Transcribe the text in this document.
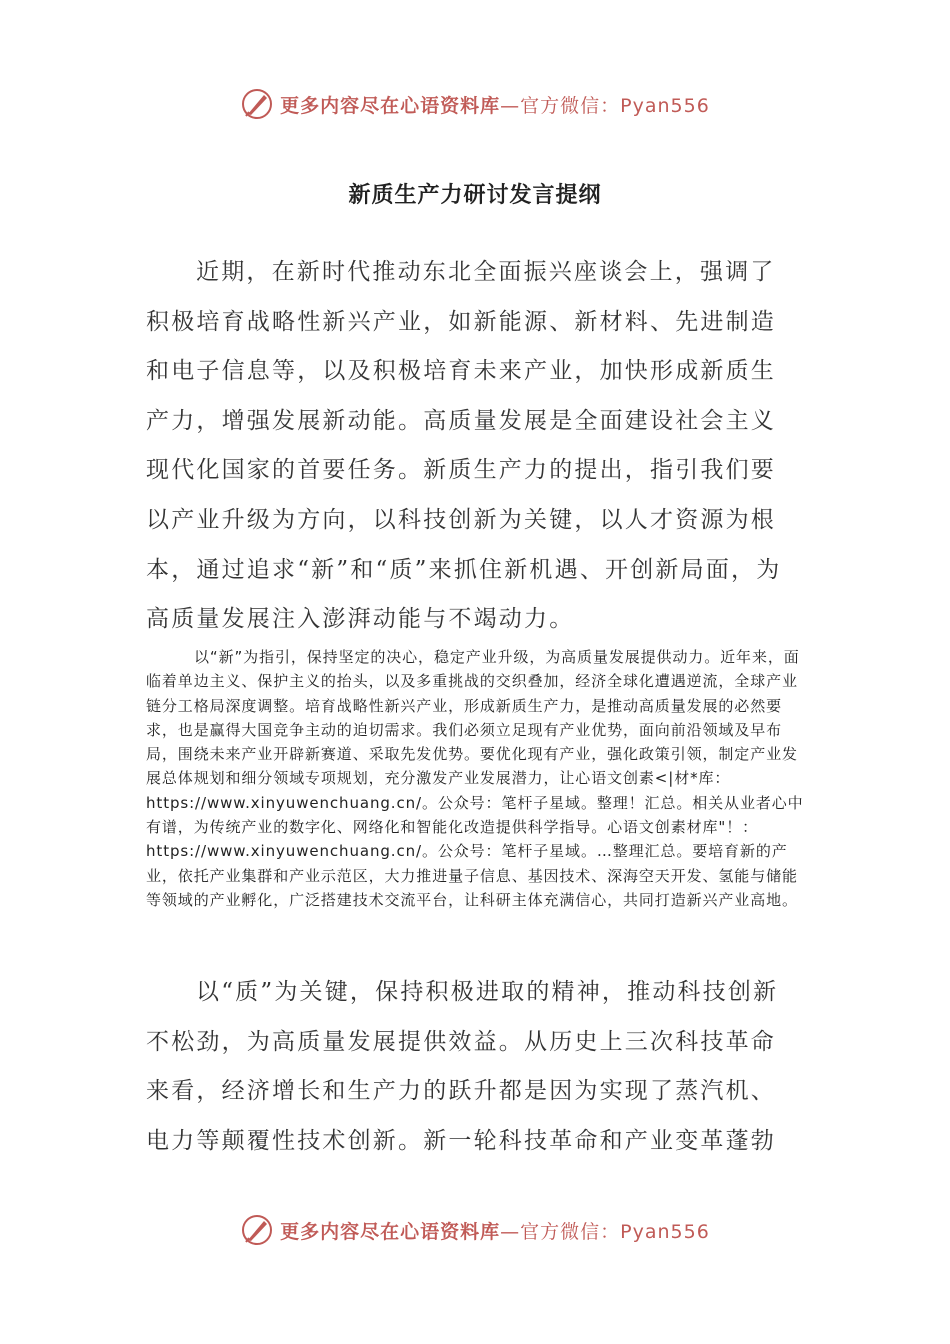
更多内容尽在心语资料库—官方微信：Pyan556
新质生产力研讨发言提纲

近期，在新时代推动东北全面振兴座谈会上，强调了积极培育战略性新兴产业，如新能源、新材料、先进制造和电子信息等，以及积极培育未来产业，加快形成新质生产力，增强发展新动能。高质量发展是全面建设社会主义现代化国家的首要任务。新质生产力的提出，指引我们要以产业升级为方向，以科技创新为关键，以人才资源为根本，通过追求“新”和“质”来抓住新机遇、开创新局面，为高质量发展注入澎湃动能与不竭动力。

以“新”为指引，保持坚定的决心，稳定产业升级，为高质量发展提供动力。近年来，面临着单边主义、保护主义的抬头，以及多重挑战的交织叠加，经济全球化遭遇逆流，全球产业链分工格局深度调整。培育战略性新兴产业，形成新质生产力，是推动高质量发展的必然要求，也是赢得大国竞争主动的迫切需求。我们必须立足现有产业优势，面向前沿领域及早布局，围绕未来产业开辟新赛道、采取先发优势。要优化现有产业，强化政策引领，制定产业发展总体规划和细分领域专项规划，充分激发产业发展潜力，让心语文创素<|材*库：https://www.xinyuwenchuang.cn/。公众号：笔杆子星域。整理！汇总。相关从业者心中有谱，为传统产业的数字化、网络化和智能化改造提供科学指导。心语文创素材库"！：https://www.xinyuwenchuang.cn/。公众号：笔杆子星域。…整理汇总。要培育新的产业，依托产业集群和产业示范区，大力推进量子信息、基因技术、深海空天开发、氢能与储能等领域的产业孵化，广泛搭建技术交流平台，让科研主体充满信心，共同打造新兴产业高地。

以“质”为关键，保持积极进取的精神，推动科技创新不松劲，为高质量发展提供效益。从历史上三次科技革命来看，经济增长和生产力的跃升都是因为实现了蒸汽机、电力等颠覆性技术创新。新一轮科技革命和产业变革蓬勃

更多内容尽在心语资料库—官方微信：Pyan556
